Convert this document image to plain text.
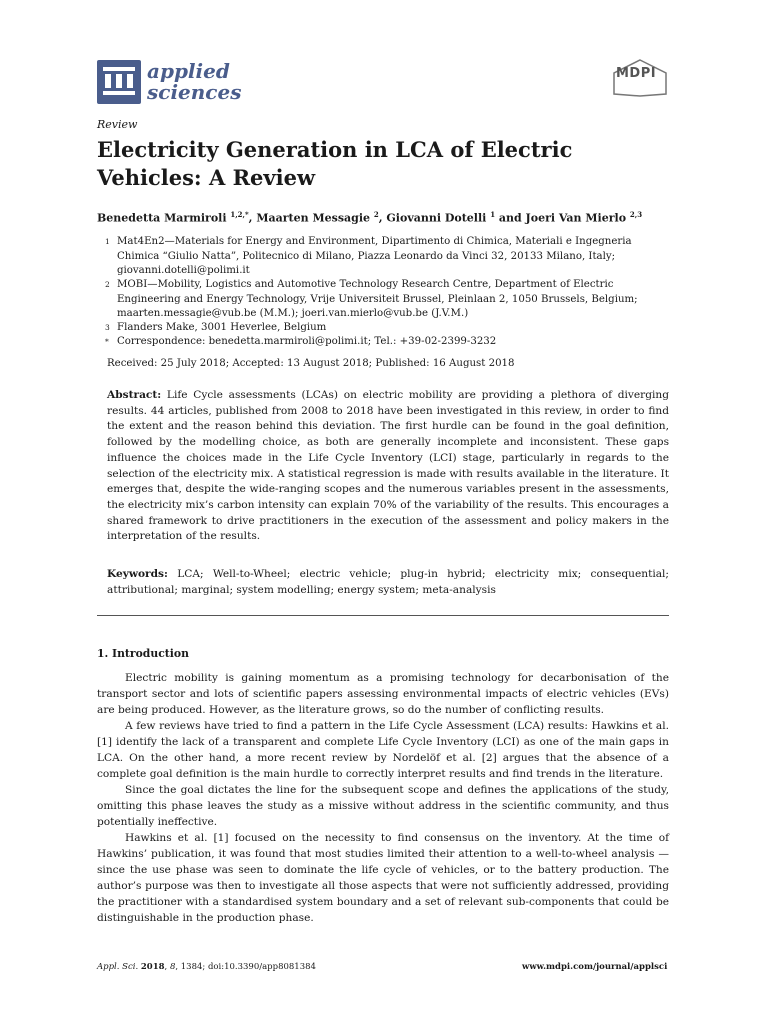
applied
sciences
MDPI
Review
Electricity Generation in LCA of Electric Vehicles: A Review
Benedetta Marmiroli $^{1,2,*}$, Maarten Messagie $^2$, Giovanni Dotelli $^1$ and Joeri Van Mierlo $^{2,3}$
1 Mat4En2—Materials for Energy and Environment, Dipartimento di Chimica, Materiali e Ingegneria Chimica “Giulio Natta”, Politecnico di Milano, Piazza Leonardo da Vinci 32, 20133 Milano, Italy; giovanni.dotelli@polimi.it
2 MOBI—Mobility, Logistics and Automotive Technology Research Centre, Department of Electric Engineering and Energy Technology, Vrije Universiteit Brussel, Pleinlaan 2, 1050 Brussels, Belgium; maarten.messagie@vub.be (M.M.); joeri.van.mierlo@vub.be (J.V.M.)
3 Flanders Make, 3001 Heverlee, Belgium
* Correspondence: benedetta.marmiroli@polimi.it; Tel.: +39-02-2399-3232
Received: 25 July 2018; Accepted: 13 August 2018; Published: 16 August 2018
Abstract: Life Cycle assessments (LCAs) on electric mobility are providing a plethora of diverging results. 44 articles, published from 2008 to 2018 have been investigated in this review, in order to find the extent and the reason behind this deviation. The first hurdle can be found in the goal definition, followed by the modelling choice, as both are generally incomplete and inconsistent. These gaps influence the choices made in the Life Cycle Inventory (LCI) stage, particularly in regards to the selection of the electricity mix. A statistical regression is made with results available in the literature. It emerges that, despite the wide-ranging scopes and the numerous variables present in the assessments, the electricity mix’s carbon intensity can explain 70% of the variability of the results. This encourages a shared framework to drive practitioners in the execution of the assessment and policy makers in the interpretation of the results.
Keywords: LCA; Well-to-Wheel; electric vehicle; plug-in hybrid; electricity mix; consequential; attributional; marginal; system modelling; energy system; meta-analysis
1. Introduction

Electric mobility is gaining momentum as a promising technology for decarbonisation of the transport sector and lots of scientific papers assessing environmental impacts of electric vehicles (EVs) are being produced. However, as the literature grows, so do the number of conflicting results.

A few reviews have tried to find a pattern in the Life Cycle Assessment (LCA) results: Hawkins et al. [1] identify the lack of a transparent and complete Life Cycle Inventory (LCI) as one of the main gaps in LCA. On the other hand, a more recent review by Nordelöf et al. [2] argues that the absence of a complete goal definition is the main hurdle to correctly interpret results and find trends in the literature.

Since the goal dictates the line for the subsequent scope and defines the applications of the study, omitting this phase leaves the study as a missive without address in the scientific community, and thus potentially ineffective.

Hawkins et al. [1] focused on the necessity to find consensus on the inventory. At the time of Hawkins’ publication, it was found that most studies limited their attention to a well-to-wheel analysis — since the use phase was seen to dominate the life cycle of vehicles, or to the battery production. The author’s purpose was then to investigate all those aspects that were not sufficiently addressed, providing the practitioner with a standardised system boundary and a set of relevant sub-components that could be distinguishable in the production phase.

Appl. Sci. 2018, 8, 1384; doi:10.3390/app8081384	www.mdpi.com/journal/applsci
